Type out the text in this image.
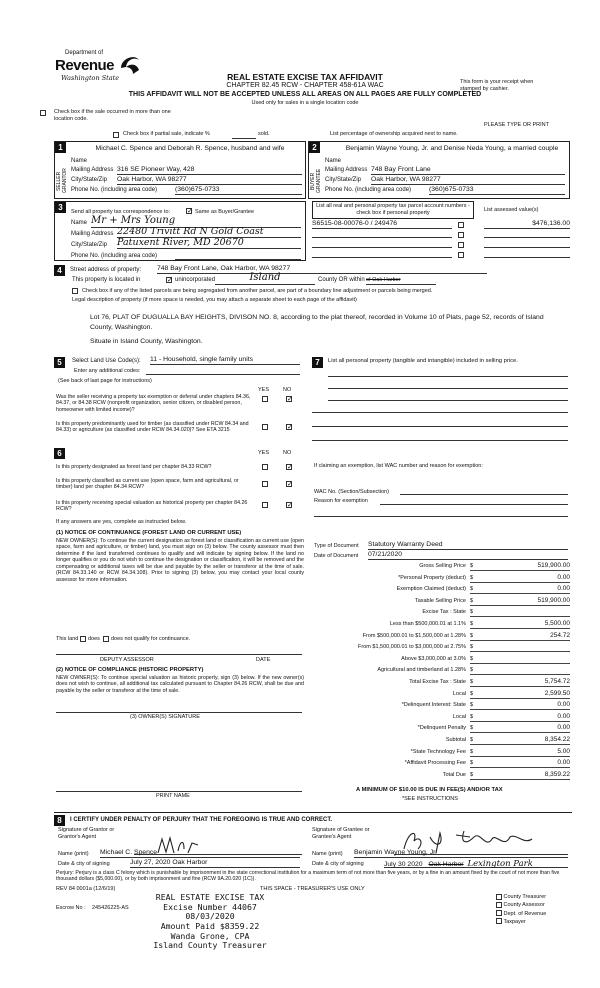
Department of
Revenue
Washington State	REAL ESTATE EXCISE TAX AFFIDAVIT
CHAPTER 82.45 RCW - CHAPTER 458-61A WAC
THIS AFFIDAVIT WILL NOT BE ACCEPTED UNLESS ALL AREAS ON ALL PAGES ARE FULLY COMPLETED
Used only for sales in a single location code
This form is your receipt when stamped by cashier.
Check box if the sale occurred in more than one location code.
PLEASE TYPE OR PRINT
Check box if partial sale, indicate %	sold.	List percentage of ownership acquired next to name.
1
SELLER GRANTOR
Name
Michael C. Spence and Deborah R. Spence, husband and wife
Mailing Address 316 SE Pioneer Way, 428
City/State/Zip Oak Harbor, WA 98277
Phone No. (including area code)	(360)675-0733
2
BUYER GRANTEE
Name
Benjamin Wayne Young, Jr. and Denise Neda Young, a married couple
Mailing Address 748 Bay Front Lane
City/State/Zip Oak Harbor, WA 98277
Phone No. (including area code)	(360)675-0733
3	Send all property tax correspondence to: ✓	Same as Buyer/Grantee
Name Mr + Mrs Young
Mailing Address 22480 Trivitt Rd N Gold Coast
City/State/Zip Patuxent River, MD 20670
Phone No. (including area code)
List all real and personal property tax parcel account numbers - check box if personal property	List assessed value(s)
S6515-08-00076-0 / 249476	$476,136.00
4	Street address of property: 748 Bay Front Lane, Oak Harbor, WA 98277
This property is located in ✓	unincorporated	Island	County OR within of Oak Harbor
Check box if any of the listed parcels are being segregated from another parcel, are part of a boundary line adjustment or parcels being merged.
Legal description of property (if more space is needed, you may attach a separate sheet to each page of the affidavit)
Lot 76, PLAT OF DUGUALLA BAY HEIGHTS, DIVISON NO. 8, according to the plat thereof, recorded in Volume 10 of Plats, page 52, records of Island County, Washington.
Situate in Island County, Washington.
5	Select Land Use Code(s): 11 - Household, single family units
Enter any additional codes:
(See back of last page for instructions)
YES	NO
Was the seller receiving a property tax exemption or deferral under chapters 84.36, 84.37, or 84.38 RCW (nonprofit organization, senior citizen, or disabled person, homeowner with limited income)?
✓
Is this property predominantly used for timber (as classified under RCW 84.34 and 84.33) or agriculture (as classified under RCW 84.34.020)? See ETA 3215
✓
6	YES	NO
Is this property designated as forest land per chapter 84.33 RCW?
✓
Is this property classified as current use (open space, farm and agricultural, or timber) land per chapter 84.34 RCW?
✓
Is this property receiving special valuation as historical property per chapter 84.26 RCW?
✓
If any answers are yes, complete as instructed below.
(1) NOTICE OF CONTINUANCE (FOREST LAND OR CURRENT USE)
NEW OWNER(S): To continue the current designation as forest land or classification as current use (open space, farm and agriculture, or timber) land, you must sign on (3) below. The county assessor must then determine if the land transferred continues to qualify and will indicate by signing below. If the land no longer qualifies or you do not wish to continue the designation or classification, it will be removed and the compensating or additional taxes will be due and payable by the seller or transferor at the time of sale. (RCW 84.33.140 or RCW 84.34.108). Prior to signing (3) below, you may contact your local county assessor for more information.
This land does does not qualify for continuance.
DEPUTY ASSESSOR	DATE
(2) NOTICE OF COMPLIANCE (HISTORIC PROPERTY)
NEW OWNER(S): To continue special valuation as historic property, sign (3) below. If the new owner(s) does not wish to continue, all additional tax calculated pursuant to Chapter 84.26 RCW, shall be due and payable by the seller or transferor at the time of sale.
(3) OWNER(S) SIGNATURE
PRINT NAME
7	List all personal property (tangible and intangible) included in selling price.
If claiming an exemption, list WAC number and reason for exemption:
WAC No. (Section/Subsection)
Reason for exemption
Type of Document Statutory Warranty Deed
Date of Document 07/21/2020
Gross Selling Price $	519,900.00
*Personal Property (deduct) $	0.00
Exemption Claimed (deduct) $	0.00
Taxable Selling Price $	519,900.00
Excise Tax : State $
Less than $500,000.01 at 1.1% $	5,500.00
From $500,000.01 to $1,500,000 at 1.28% $	254.72
From $1,500,000.01 to $3,000,000 at 2.75% $
Above $3,000,000 at 3.0% $
Agricultural and timberland at 1.28% $
Total Excise Tax : State $	5,754.72
Local $	2,599.50
*Delinquent Interest: State $	0.00
Local $	0.00
*Delinquent Penalty $	0.00
Subtotal $	8,354.22
*State Technology Fee $	5.00
*Affidavit Processing Fee $	0.00
Total Due $	8,359.22
A MINIMUM OF $10.00 IS DUE IN FEE(S) AND/OR TAX
*SEE INSTRUCTIONS
8	I CERTIFY UNDER PENALTY OF PERJURY THAT THE FOREGOING IS TRUE AND CORRECT.
Signature of Grantor or Grantor's Agent
Signature of Grantee or Grantee's Agent
Name (print) Michael C. Spence	Name (print) Benjamin Wayne Young, Jr.
Date & city of signing	July 27, 2020 Oak Harbor	Date & city of signing	July 30 2020 Oak Harbor Lexington Park
Perjury: Perjury is a class C felony which is punishable by imprisonment in the state correctional institution for a maximum term of not more than five years, or by a fine in an amount fixed by the court of not more than five thousand dollars ($5,000.00), or by both imprisonment and fine (RCW 9A.20.020 (1C)).
REV 84 0001a (12/6/19)	THIS SPACE - TREASURER'S USE ONLY
Escrow No : 245426225-AS
REAL ESTATE EXCISE TAX
Excise Number 44067
08/03/2020
Amount Paid $8359.22
Wanda Grone, CPA
Island County Treasurer
County Treasurer
County Assessor
Dept. of Revenue
Taxpayer
